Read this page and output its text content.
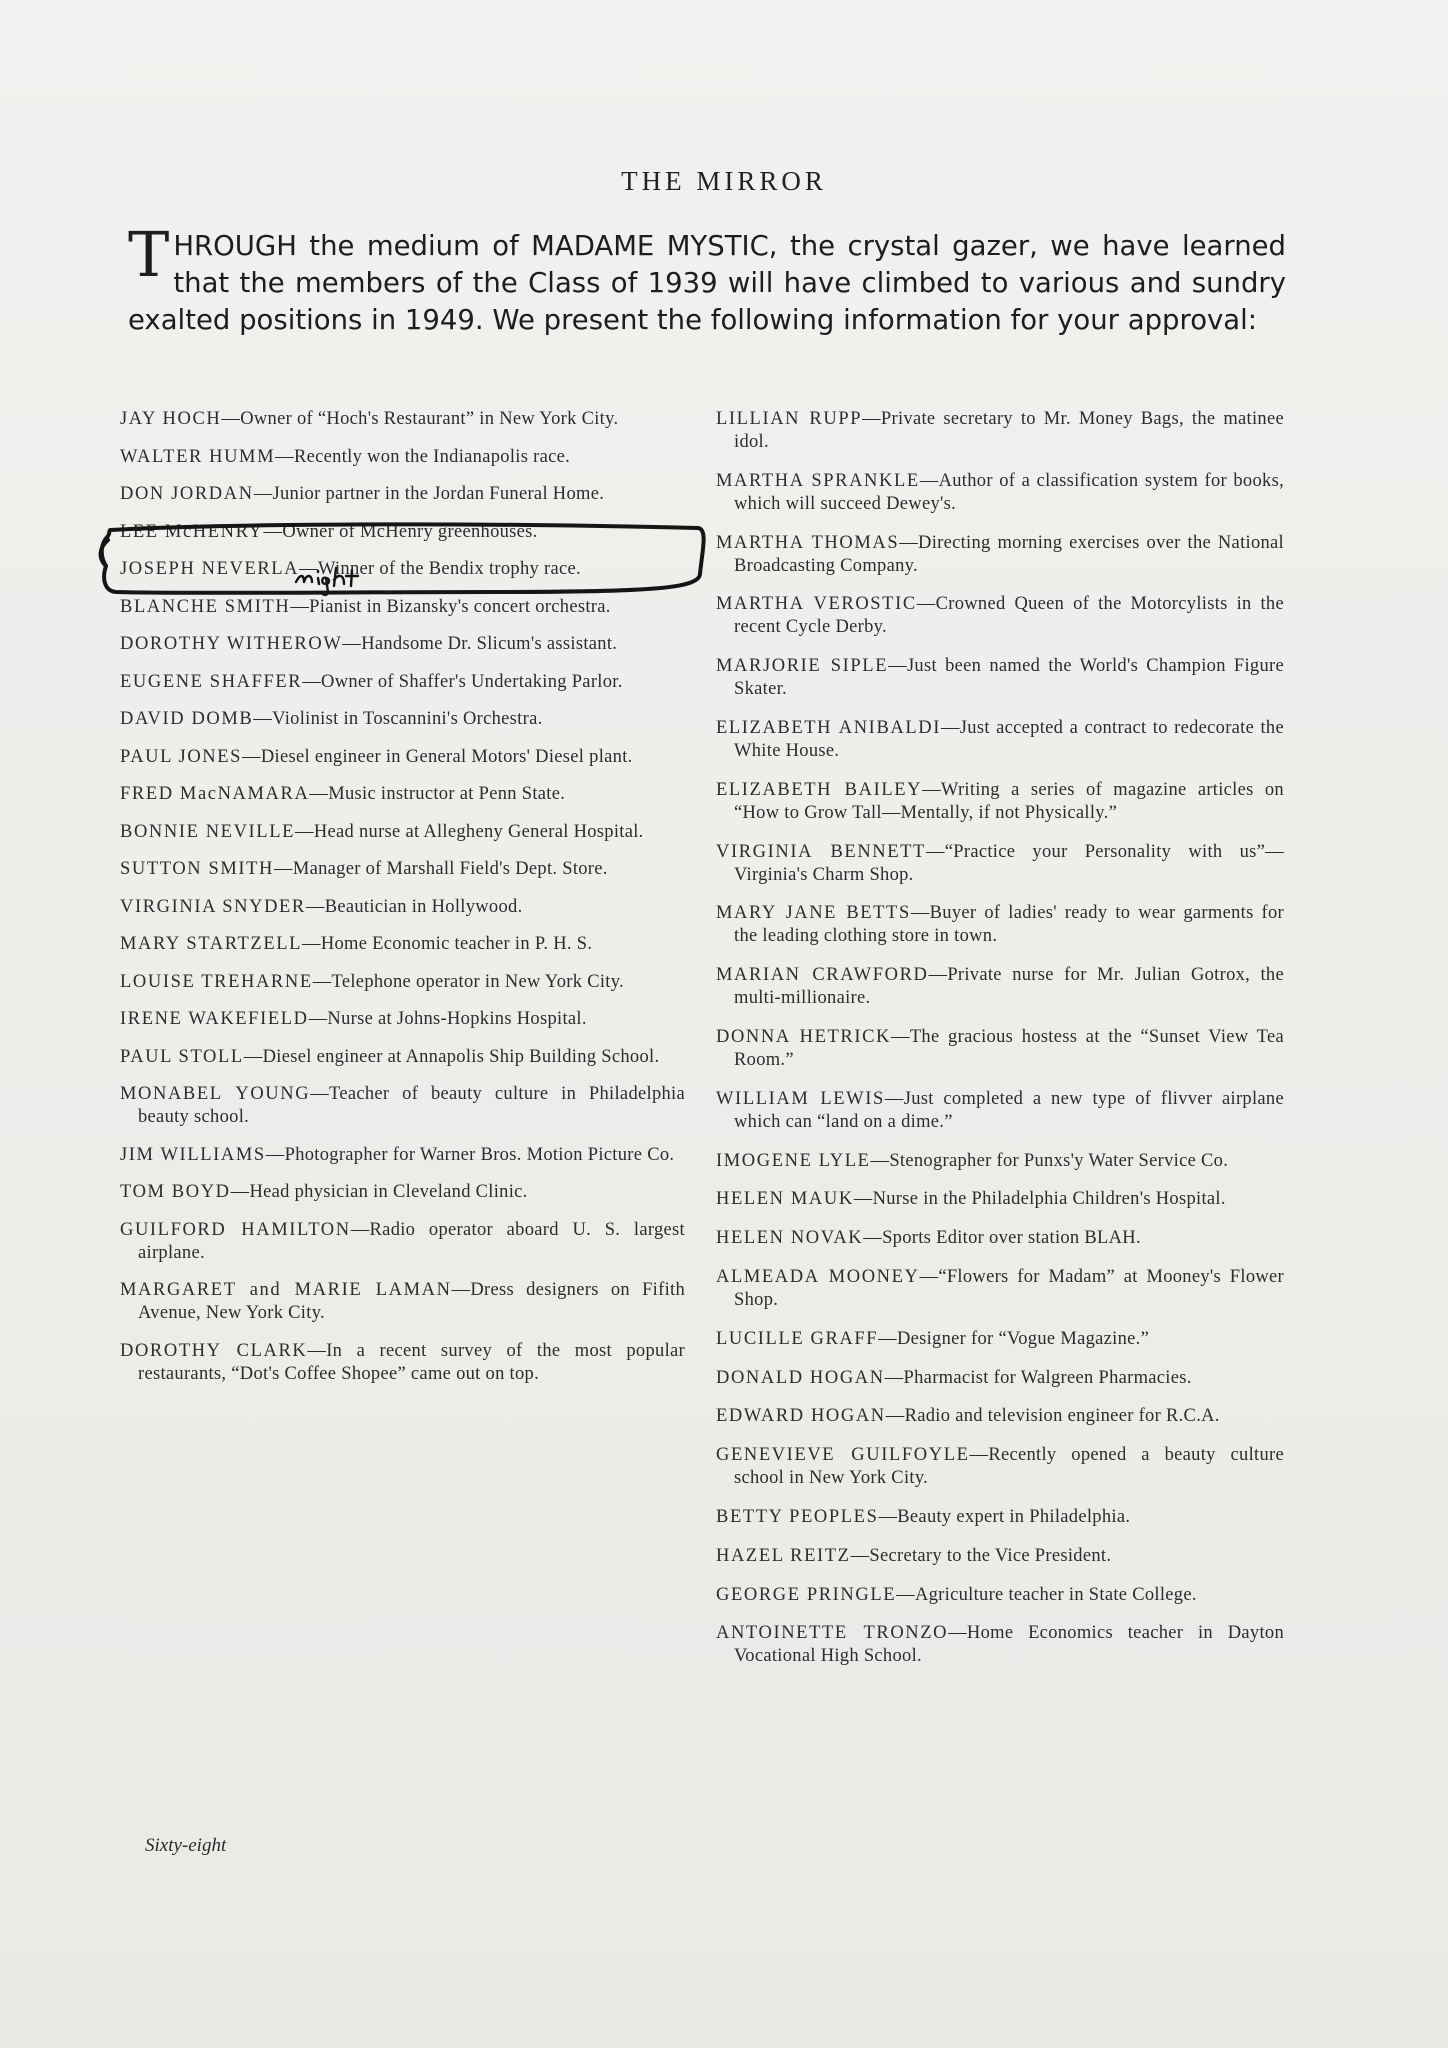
THE MIRROR
THROUGH the medium of MADAME MYSTIC, the crystal gazer, we have learned that the members of the Class of 1939 will have climbed to various and sundry exalted positions in 1949. We present the following information for your approval:

JAY HOCH—Owner of “Hoch's Restaurant” in New York City.

WALTER HUMM—Recently won the Indianapolis race.

DON JORDAN—Junior partner in the Jordan Funeral Home.

LEE McHENRY—Owner of McHenry greenhouses.

JOSEPH NEVERLA—Winner of the Bendix trophy race.

BLANCHE SMITH—Pianist in Bizansky's concert orchestra.

DOROTHY WITHEROW—Handsome Dr. Slicum's assistant.

EUGENE SHAFFER—Owner of Shaffer's Undertaking Parlor.

DAVID DOMB—Violinist in Toscannini's Orchestra.

PAUL JONES—Diesel engineer in General Motors' Diesel plant.

FRED MacNAMARA—Music instructor at Penn State.

BONNIE NEVILLE—Head nurse at Allegheny General Hospital.

SUTTON SMITH—Manager of Marshall Field's Dept. Store.

VIRGINIA SNYDER—Beautician in Hollywood.

MARY STARTZELL—Home Economic teacher in P. H. S.

LOUISE TREHARNE—Telephone operator in New York City.

IRENE WAKEFIELD—Nurse at Johns-Hopkins Hospital.

PAUL STOLL—Diesel engineer at Annapolis Ship Building School.

MONABEL YOUNG—Teacher of beauty culture in Philadelphia beauty school.

JIM WILLIAMS—Photographer for Warner Bros. Motion Picture Co.

TOM BOYD—Head physician in Cleveland Clinic.

GUILFORD HAMILTON—Radio operator aboard U. S. largest airplane.

MARGARET and MARIE LAMAN—Dress designers on Fifith Avenue, New York City.

DOROTHY CLARK—In a recent survey of the most popular restaurants, “Dot's Coffee Shopee” came out on top.

LILLIAN RUPP—Private secretary to Mr. Money Bags, the matinee idol.

MARTHA SPRANKLE—Author of a classification system for books, which will succeed Dewey's.

MARTHA THOMAS—Directing morning exercises over the National Broadcasting Company.

MARTHA VEROSTIC—Crowned Queen of the Motorcylists in the recent Cycle Derby.

MARJORIE SIPLE—Just been named the World's Champion Figure Skater.

ELIZABETH ANIBALDI—Just accepted a contract to redecorate the White House.

ELIZABETH BAILEY—Writing a series of magazine articles on “How to Grow Tall—Mentally, if not Physically.”

VIRGINIA BENNETT—“Practice your Personality with us”—Virginia's Charm Shop.

MARY JANE BETTS—Buyer of ladies' ready to wear garments for the leading clothing store in town.

MARIAN CRAWFORD—Private nurse for Mr. Julian Gotrox, the multi-millionaire.

DONNA HETRICK—The gracious hostess at the “Sunset View Tea Room.”

WILLIAM LEWIS—Just completed a new type of flivver airplane which can “land on a dime.”

IMOGENE LYLE—Stenographer for Punxs'y Water Service Co.

HELEN MAUK—Nurse in the Philadelphia Children's Hospital.

HELEN NOVAK—Sports Editor over station BLAH.

ALMEADA MOONEY—“Flowers for Madam” at Mooney's Flower Shop.

LUCILLE GRAFF—Designer for “Vogue Magazine.”

DONALD HOGAN—Pharmacist for Walgreen Pharmacies.

EDWARD HOGAN—Radio and television engineer for R.C.A.

GENEVIEVE GUILFOYLE—Recently opened a beauty culture school in New York City.

BETTY PEOPLES—Beauty expert in Philadelphia.

HAZEL REITZ—Secretary to the Vice President.

GEORGE PRINGLE—Agriculture teacher in State College.

ANTOINETTE TRONZO—Home Economics teacher in Dayton Vocational High School.

Sixty-eight
